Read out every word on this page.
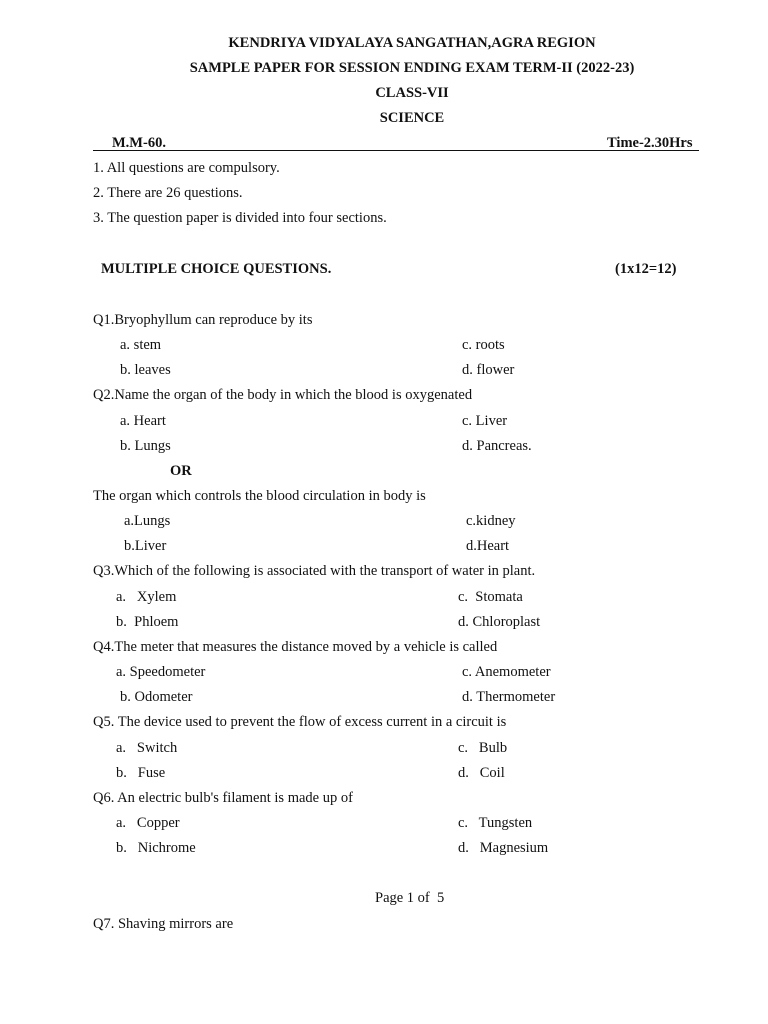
KENDRIYA VIDYALAYA SANGATHAN,AGRA REGION
SAMPLE PAPER FOR SESSION ENDING EXAM TERM-II (2022-23)
CLASS-VII
SCIENCE
M.M-60.	Time-2.30Hrs
1. All questions are compulsory.
2. There are 26 questions.
3. The question paper is divided into four sections.
MULTIPLE CHOICE QUESTIONS.	(1x12=12)
Q1.Bryophyllum can reproduce by its
a. stem	c. roots
b. leaves	d. flower
Q2.Name the organ of the body in which the blood is oxygenated
a. Heart	c. Liver
b. Lungs	d. Pancreas.
OR
The organ which controls the blood circulation in body is
a.Lungs	c.kidney
b.Liver	d.Heart
Q3.Which of the following is associated with the transport of water in plant.
a.   Xylem	c.  Stomata
b.  Phloem	d. Chloroplast
Q4.The meter that measures the distance moved by a vehicle is called
a. Speedometer	c. Anemometer
b. Odometer	d. Thermometer
Q5. The device used to prevent the flow of excess current in a circuit is
a.   Switch	c.   Bulb
b.   Fuse	d.   Coil
Q6. An electric bulb's filament is made up of
a.   Copper	c.   Tungsten
b.   Nichrome	d.   Magnesium
Page 1 of  5
Q7. Shaving mirrors are
